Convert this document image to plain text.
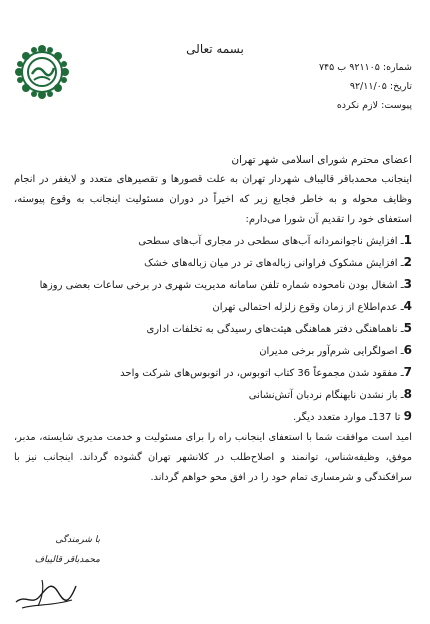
بسمه تعالی
شماره: ۹۲۱۱۰۵ ب ۷۴۵
تاریخ: ۹۲/۱۱/۰۵
پیوست: لازم نکرده
اعضای محترم شورای اسلامی شهر تهران
اینجانب محمدباقر قالیباف شهردار تهران به علت قصورها و تقصیرهای متعدد و لایغفر در انجام وظایف محوله و به خاطر فجایع زیر که اخیراً در دوران مسئولیت اینجانب به وقوع پیوسته، استعفای خود را تقدیم آن شورا می‌دارم:
1ـ افزایش ناجوانمردانه آب‌های سطحی در مجاری آب‌های سطحی
2ـ افزایش مشکوک فراوانی زباله‌های تر در میان زباله‌های خشک
3ـ اشغال بودن نامحوده شماره تلفن سامانه مدیریت شهری در برخی ساعات بعضی روزها
4ـ عدم‌اطلاع از زمان وقوع زلزله احتمالی تهران
5ـ ناهماهنگی دفتر هماهنگی هیئت‌های رسیدگی به تخلفات اداری
6ـ اصولگرایی شرم‌آور برخی مدیران
7ـ مفقود شدن مجموعاً 36 کتاب اتوبوس، در اتوبوس‌های شرکت واحد
8ـ باز نشدن نابهنگام نردبان آتش‌نشانی
9 تا 137ـ موارد متعدد دیگر.
امید است موافقت شما با استعفای اینجانب راه را برای مسئولیت و خدمت مدیری شایسته، مدبر، موفق، وظیفه‌شناس، توانمند و اصلاح‌طلب در کلانشهر تهران گشوده گرداند. اینجانب نیز با سرافکندگی و شرمساری تمام خود را در افق محو خواهم گرداند.
با شرمندگی
محمدباقر قالیباف
